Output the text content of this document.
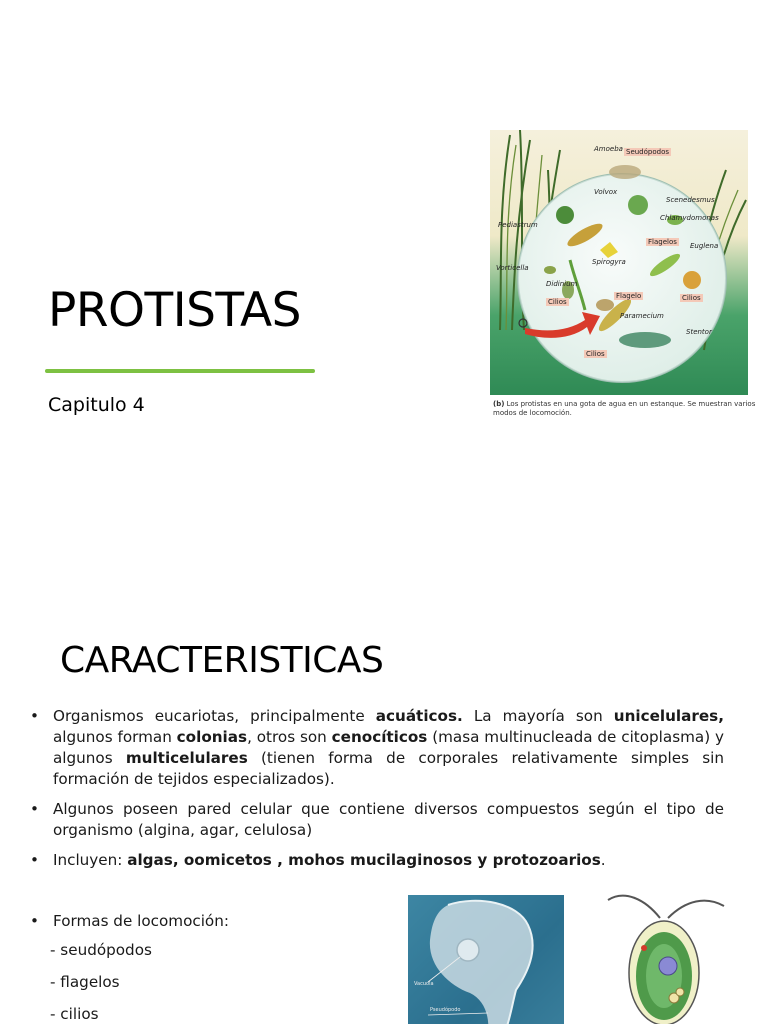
PROTISTAS
Capitulo 4
Amoeba Seudópodos
Volvox
Scenedesmus
Chlamydomonas
Pediastrum
Flagelos Euglena
Spirogyra
Vorticella
Didinium
Cilios
Flagelo	Cilios
Paramecium
Stentor
Cilios
(b) Los protistas en una gota de agua en un estanque. Se muestran varios modos de locomoción.
CARACTERISTICAS
• Organismos eucariotas, principalmente acuáticos. La mayoría son unicelulares, algunos forman colonias, otros son cenocíticos (masa multinucleada de citoplasma) y algunos multicelulares (tienen forma de corporales relativamente simples sin formación de tejidos especializados).
• Algunos poseen pared celular que contiene diversos compuestos según el tipo de organismo (algina, agar, celulosa)
• Incluyen: algas, oomicetos , mohos mucilaginosos y protozoarios.
• Formas de locomoción:
- seudópodos
- flagelos
- cilios
Vacuola
Pseudópodo
